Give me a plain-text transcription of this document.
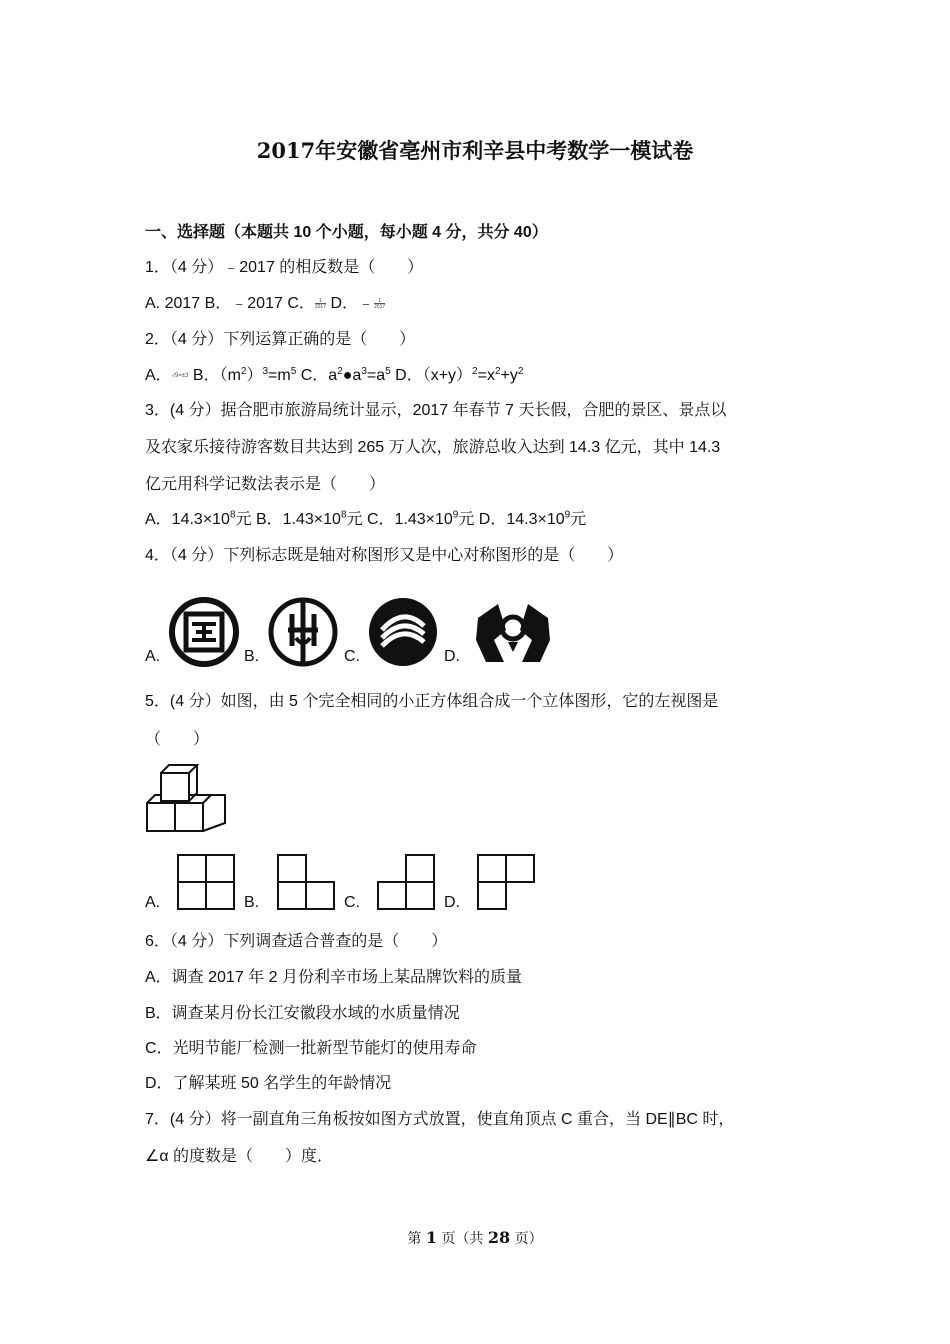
2017年安徽省亳州市利辛县中考数学一模试卷
一、选择题（本题共 10 个小题，每小题 4 分，共分 40）
1．（4 分）﹣2017 的相反数是（　　）
A. 2017 B．﹣2017 C．$\frac{1}{2017}$ D．$﹣\frac{1}{2017}$
2．（4 分）下列运算正确的是（　　）
A．√9=±3 B．$(m^2)^3=m^5$ C．$a^2●a^3=a^5$ D．$(x+y)^2=x^2+y^2$
3．(4 分）据合肥市旅游局统计显示，2017 年春节 7 天长假，合肥的景区、景点以
及农家乐接待游客数目共达到 265 万人次，旅游总收入达到 14.3 亿元，其中 14.3
亿元用科学记数法表示是（　　）
A．$14.3\times 10^8$元 B．$1.43\times 10^8$元 C．$1.43\times 10^9$元 D．$14.3\times 10^9$元
4．（4 分）下列标志既是轴对称图形又是中心对称图形的是（　　）
A.	B.	C.	D.
5．(4 分）如图，由 5 个完全相同的小正方体组合成一个立体图形，它的左视图是
（　　）
A.	B.	C.	D.
6．（4 分）下列调查适合普查的是（　　）
A．调查 2017 年 2 月份利辛市场上某品牌饮料的质量
B．调查某月份长江安徽段水域的水质量情况
C．光明节能厂检测一批新型节能灯的使用寿命
D．了解某班 50 名学生的年龄情况
7．(4 分）将一副直角三角板按如图方式放置，使直角顶点 C 重合，当 DE∥BC 时，
∠α 的度数是（　　）度．
第 1 页（共 28 页）
